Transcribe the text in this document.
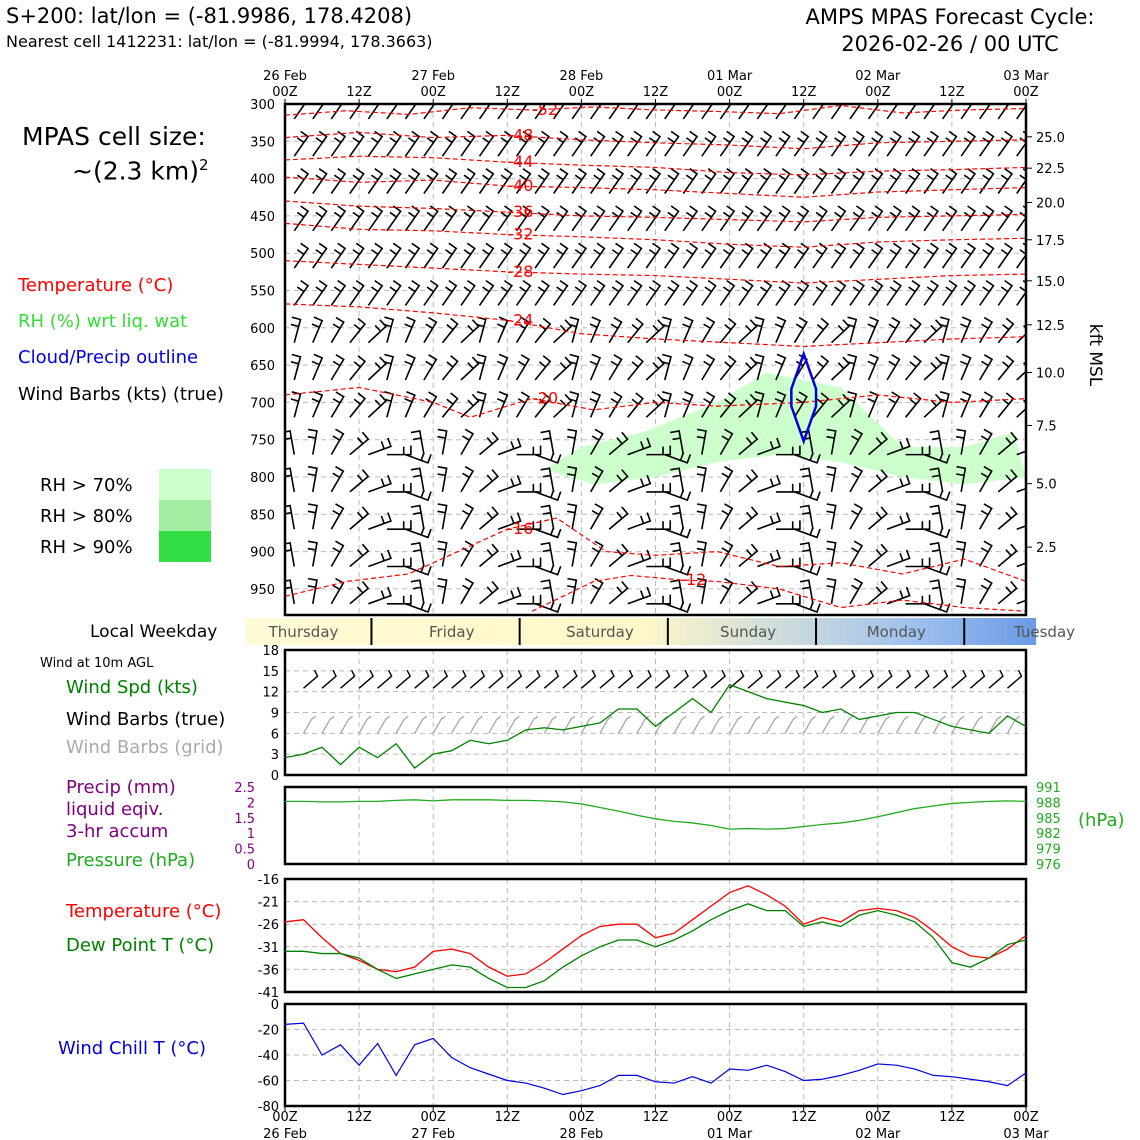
S+200: lat/lon = (-81.9986, 178.4208)
Nearest cell 1412231: lat/lon = (-81.9994, 178.3663)
AMPS MPAS Forecast Cycle:
2026-02-26 / 00 UTC
MPAS cell size:
~(2.3 km)$^2$
Temperature (°C)
RH (%) wrt liq. wat
Cloud/Precip outline
Wind Barbs (kts) (true)
RH > 70%
RH > 80%
RH > 90%
Local Weekday
Wind at 10m AGL
Wind Spd (kts)
Wind Barbs (true)
Wind Barbs (grid)
Precip (mm)
liquid eqiv.
3-hr accum
Pressure (hPa)
(hPa)
Temperature (°C)
Dew Point T (°C)
Wind Chill T (°C)
300
350
400
450
500
550
600
650
700
750
800
850
900
950
-52
-48
-44
-40
-36
-32
-28
-24
-20
-16
-12
25.0
22.5
20.0
17.5
15.0
12.5
10.0
7.5
5.0
2.5
kft MSL
26 Feb
00Z	12Z
27 Feb
00Z	12Z
28 Feb
00Z	12Z
01 Mar
00Z	12Z
02 Mar
00Z	12Z
03 Mar
00Z
Thursday	Friday	Saturday	Sunday	Monday	Tuesday
0
3
6
9
12
15
18
0
0.5
1
1.5
2
2.5
976
979
982
985
988
991
-41
-36
-31
-26
-21
-16
0
-20
-40
-60
-80
00Z
26 Feb
12Z	00Z
27 Feb
12Z	00Z
28 Feb
12Z	00Z
01 Mar
12Z	00Z
02 Mar
12Z	00Z
03 Mar
